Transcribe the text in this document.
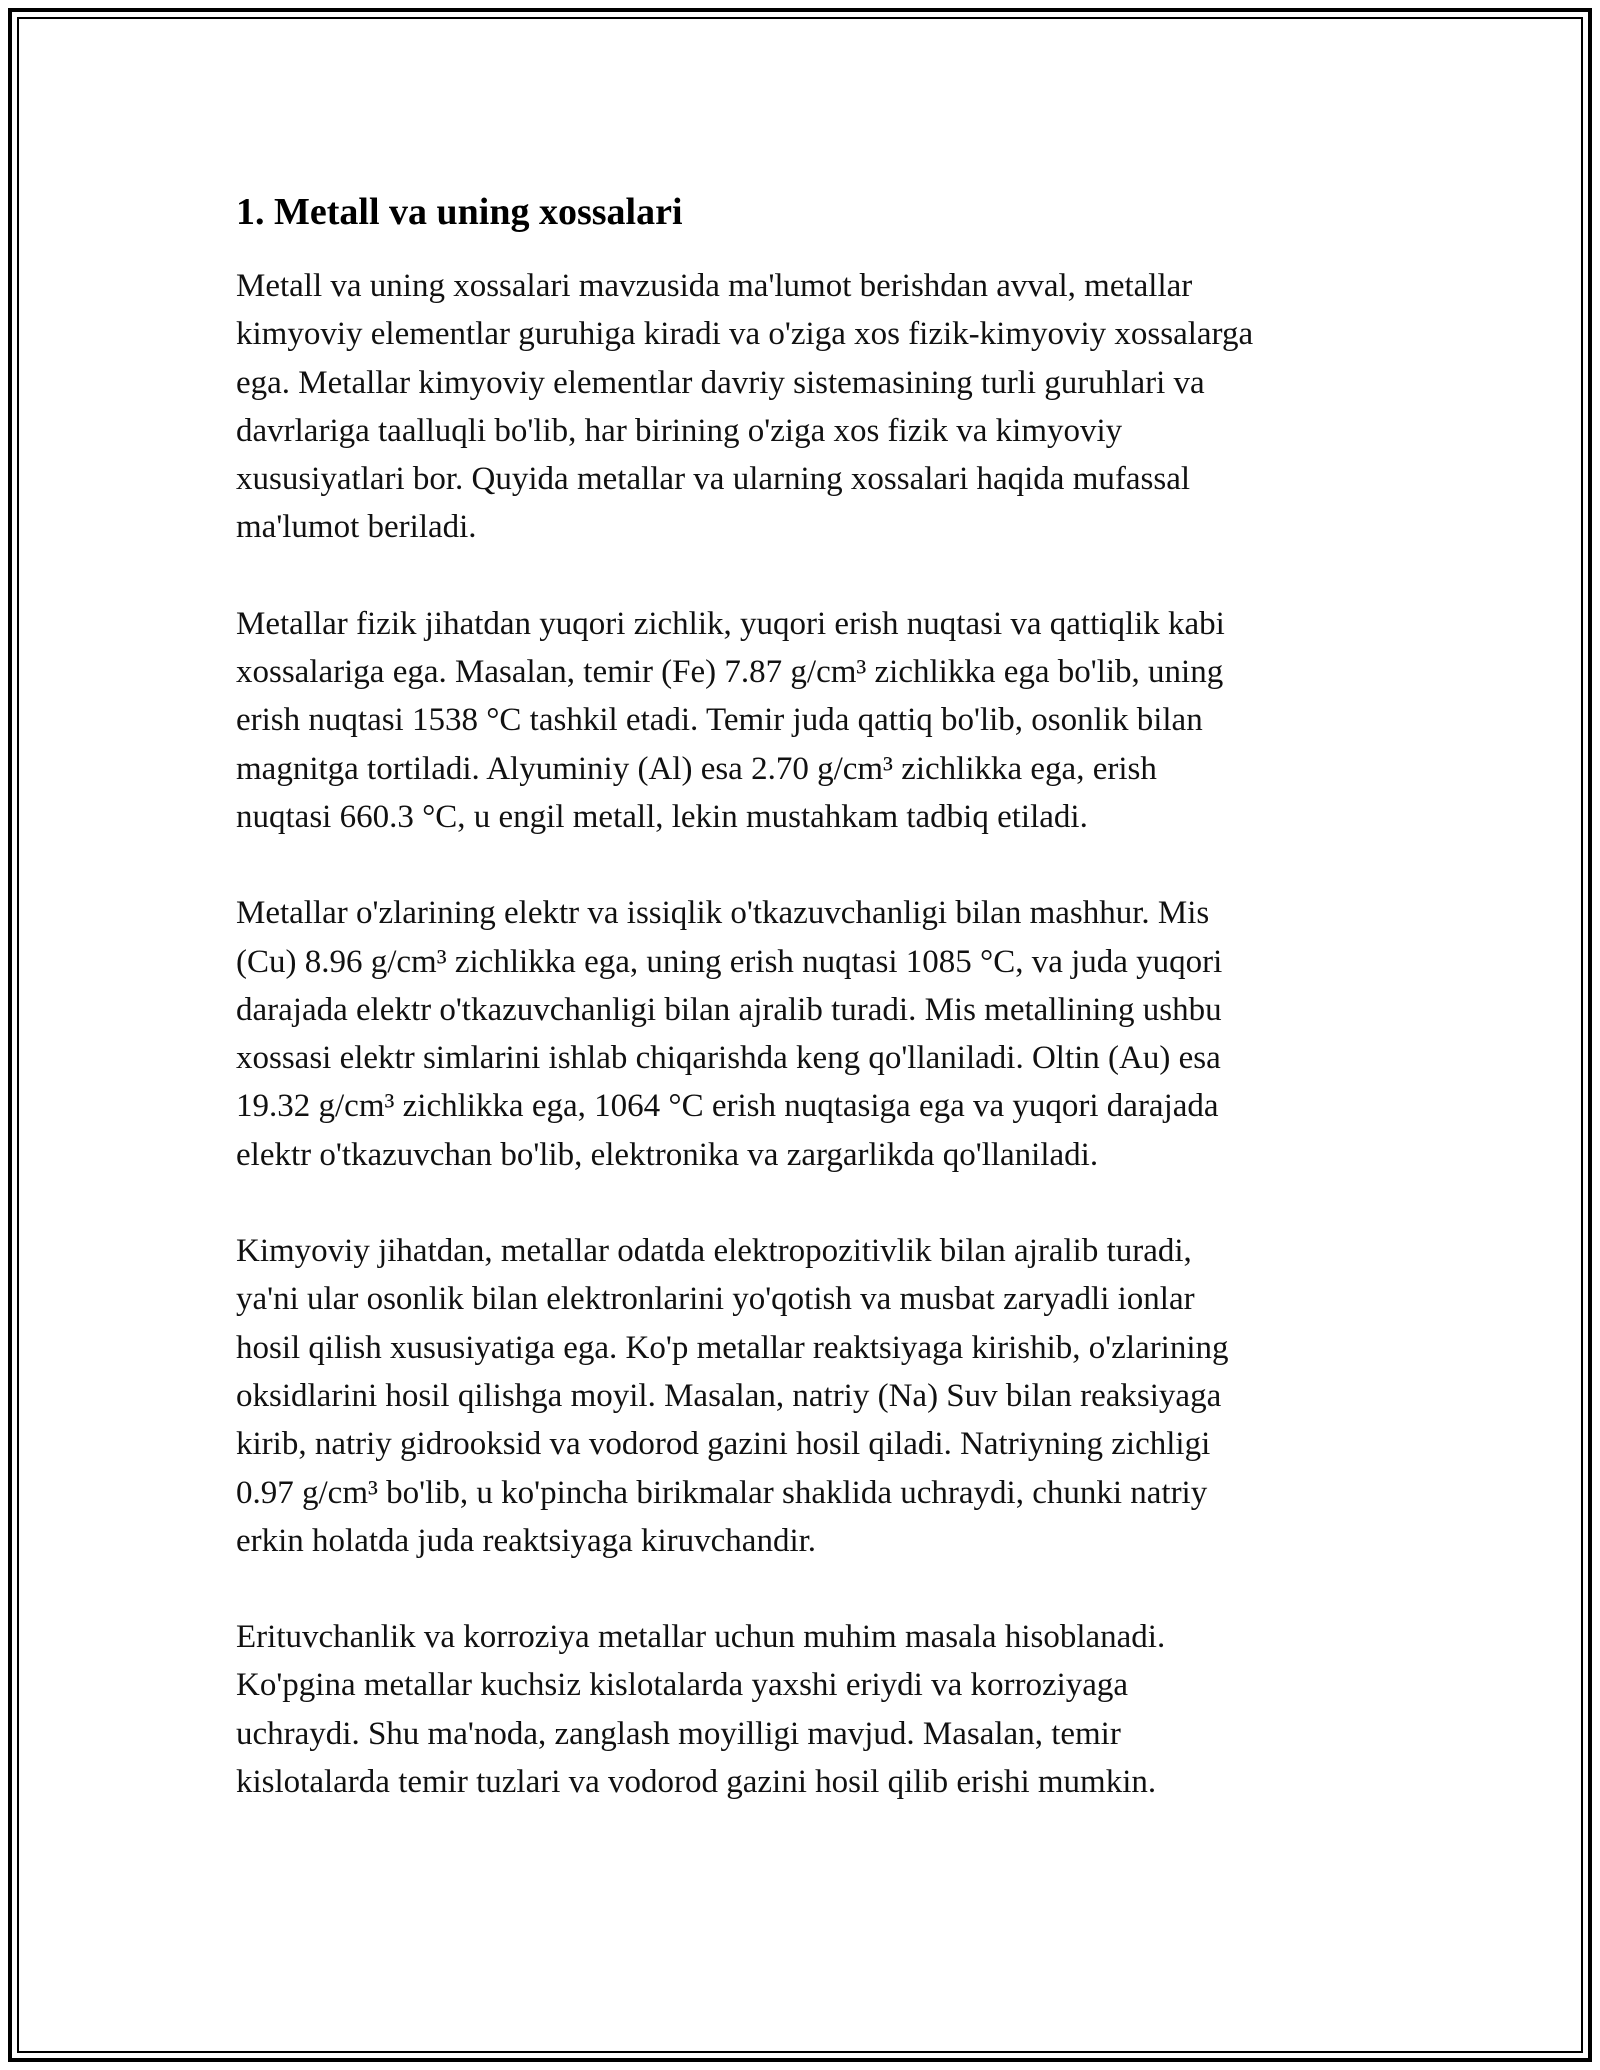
1. Metall va uning xossalari

Metall va uning xossalari mavzusida ma'lumot berishdan avval, metallar
kimyoviy elementlar guruhiga kiradi va o'ziga xos fizik-kimyoviy xossalarga
ega. Metallar kimyoviy elementlar davriy sistemasining turli guruhlari va
davrlariga taalluqli bo'lib, har birining o'ziga xos fizik va kimyoviy
xususiyatlari bor. Quyida metallar va ularning xossalari haqida mufassal
ma'lumot beriladi.

Metallar fizik jihatdan yuqori zichlik, yuqori erish nuqtasi va qattiqlik kabi
xossalariga ega. Masalan, temir (Fe) 7.87 g/cm³ zichlikka ega bo'lib, uning
erish nuqtasi 1538 °C tashkil etadi. Temir juda qattiq bo'lib, osonlik bilan
magnitga tortiladi. Alyuminiy (Al) esa 2.70 g/cm³ zichlikka ega, erish
nuqtasi 660.3 °C, u engil metall, lekin mustahkam tadbiq etiladi.

Metallar o'zlarining elektr va issiqlik o'tkazuvchanligi bilan mashhur. Mis
(Cu) 8.96 g/cm³ zichlikka ega, uning erish nuqtasi 1085 °C, va juda yuqori
darajada elektr o'tkazuvchanligi bilan ajralib turadi. Mis metallining ushbu
xossasi elektr simlarini ishlab chiqarishda keng qo'llaniladi. Oltin (Au) esa
19.32 g/cm³ zichlikka ega, 1064 °C erish nuqtasiga ega va yuqori darajada
elektr o'tkazuvchan bo'lib, elektronika va zargarlikda qo'llaniladi.

Kimyoviy jihatdan, metallar odatda elektropozitivlik bilan ajralib turadi,
ya'ni ular osonlik bilan elektronlarini yo'qotish va musbat zaryadli ionlar
hosil qilish xususiyatiga ega. Ko'p metallar reaktsiyaga kirishib, o'zlarining
oksidlarini hosil qilishga moyil. Masalan, natriy (Na) Suv bilan reaksiyaga
kirib, natriy gidrooksid va vodorod gazini hosil qiladi. Natriyning zichligi
0.97 g/cm³ bo'lib, u ko'pincha birikmalar shaklida uchraydi, chunki natriy
erkin holatda juda reaktsiyaga kiruvchandir.

Erituvchanlik va korroziya metallar uchun muhim masala hisoblanadi.
Ko'pgina metallar kuchsiz kislotalarda yaxshi eriydi va korroziyaga
uchraydi. Shu ma'noda, zanglash moyilligi mavjud. Masalan, temir
kislotalarda temir tuzlari va vodorod gazini hosil qilib erishi mumkin.
